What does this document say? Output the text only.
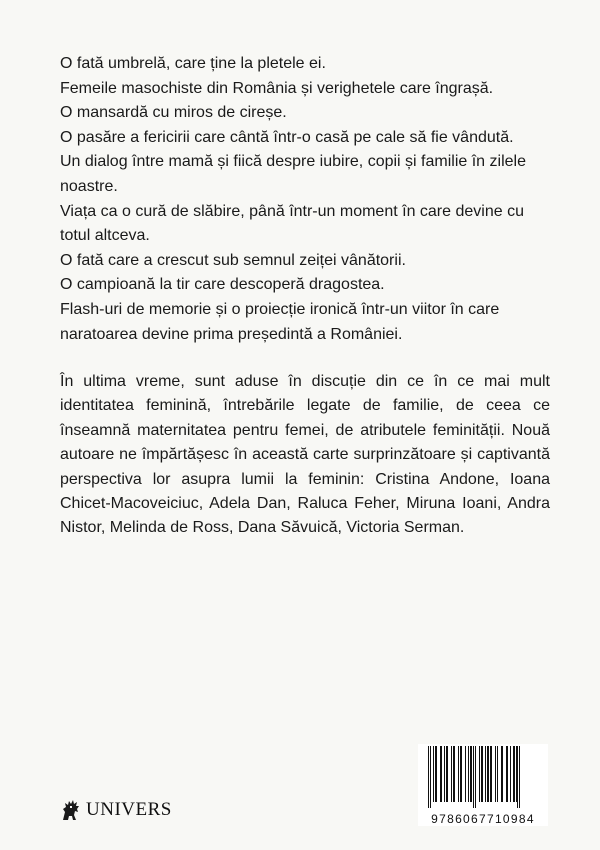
O fată umbrelă, care ține la pletele ei.

Femeile masochiste din România și verighetele care îngrașă.

O mansardă cu miros de cireșe.

O pasăre a fericirii care cântă într-o casă pe cale să fie vândută.

Un dialog între mamă și fiică despre iubire, copii și familie în zilele noastre.

Viața ca o cură de slăbire, până într-un moment în care devine cu totul altceva.

O fată care a crescut sub semnul zeiței vânătorii.

O campioană la tir care descoperă dragostea.

Flash-uri de memorie și o proiecție ironică într-un viitor în care naratoarea devine prima președintă a României.

În ultima vreme, sunt aduse în discuție din ce în ce mai mult identitatea feminină, întrebările legate de familie, de ceea ce înseamnă maternitatea pentru femei, de atributele feminității. Nouă autoare ne împărtășesc în această carte surprinzătoare și captivantă perspectiva lor asupra lumii la feminin: Cristina Andone, Ioana Chicet-Macoveiciuc, Adela Dan, Raluca Feher, Miruna Ioani, Andra Nistor, Melinda de Ross, Dana Săvuică, Victoria Serman.

UNIVERS	9786067710984
